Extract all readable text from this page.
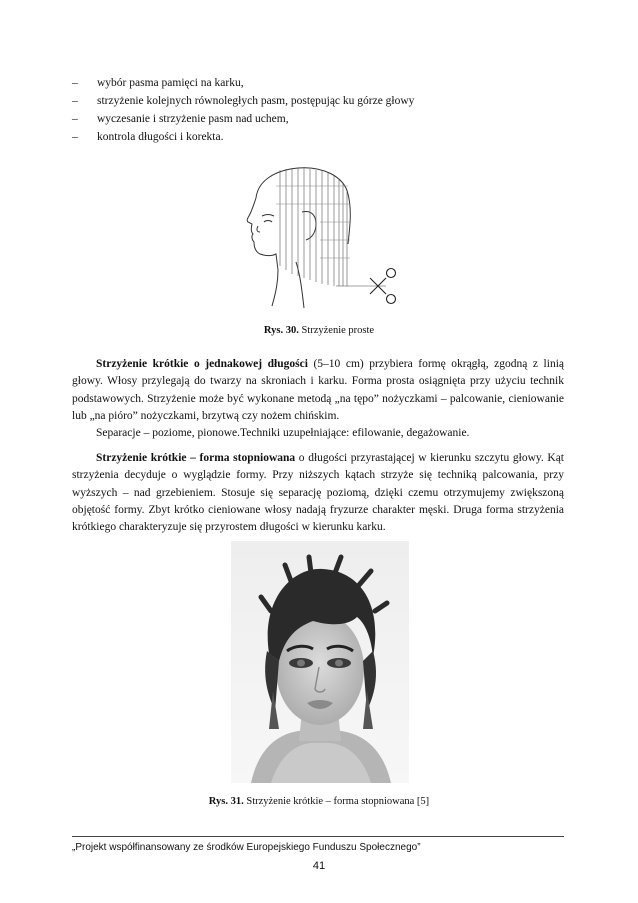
– wybór pasma pamięci na karku,
– strzyżenie kolejnych równoległych pasm, postępując ku górze głowy
– wyczesanie i strzyżenie pasm nad uchem,
– kontrola długości i korekta.
Rys. 30. Strzyżenie proste

Strzyżenie krótkie o jednakowej długości (5–10 cm) przybiera formę okrągłą, zgodną z linią głowy. Włosy przylegają do twarzy na skroniach i karku. Forma prosta osiągnięta przy użyciu technik podstawowych. Strzyżenie może być wykonane metodą „na tępo” nożyczkami – palcowanie, cieniowanie lub „na pióro” nożyczkami, brzytwą czy nożem chińskim.

Separacje – poziome, pionowe.Techniki uzupełniające: efilowanie, degażowanie.

Strzyżenie krótkie – forma stopniowana o długości przyrastającej w kierunku szczytu głowy. Kąt strzyżenia decyduje o wyglądzie formy. Przy niższych kątach strzyże się techniką palcowania, przy wyższych – nad grzebieniem. Stosuje się separację poziomą, dzięki czemu otrzymujemy zwiększoną objętość formy. Zbyt krótko cieniowane włosy nadają fryzurze charakter męski. Druga forma strzyżenia krótkiego charakteryzuje się przyrostem długości w kierunku karku.

Rys. 31. Strzyżenie krótkie – forma stopniowana [5]
„Projekt współfinansowany ze środków Europejskiego Funduszu Społecznego”
41
